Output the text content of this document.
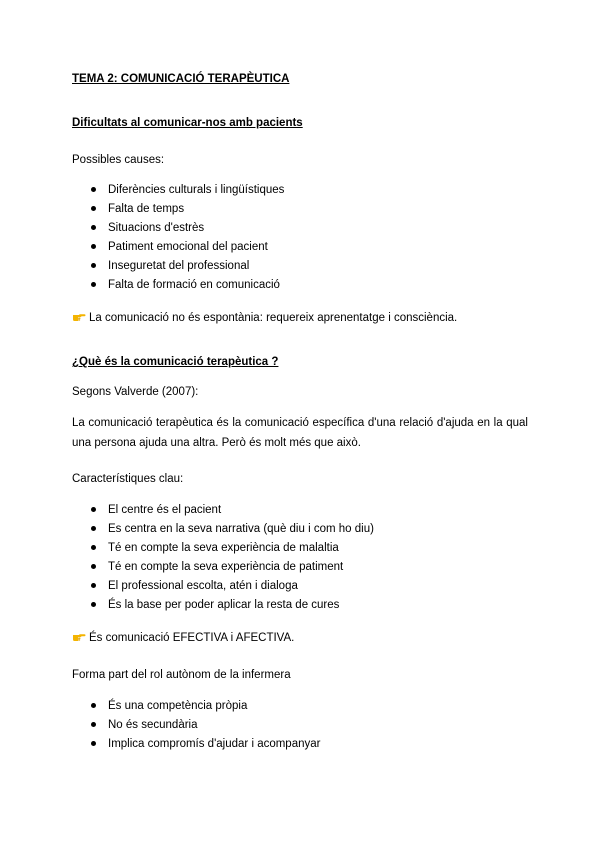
TEMA 2: COMUNICACIÓ TERAPÈUTICA
Dificultats al comunicar-nos amb pacients
Possibles causes:
Diferències culturals i lingüístiques
Falta de temps
Situacions d'estrès
Patiment emocional del pacient
Inseguretat del professional
Falta de formació en comunicació
La comunicació no és espontània: requereix aprenentatge i consciència.
¿Què és la comunicació terapèutica ?
Segons Valverde (2007):
La comunicació terapèutica és la comunicació específica d'una relació d'ajuda en la qual una persona ajuda una altra. Però és molt més que això.
Característiques clau:
El centre és el pacient
Es centra en la seva narrativa (què diu i com ho diu)
Té en compte la seva experiència de malaltia
Té en compte la seva experiència de patiment
El professional escolta, atén i dialoga
És la base per poder aplicar la resta de cures
És comunicació EFECTIVA i AFECTIVA.
Forma part del rol autònom de la infermera
És una competència pròpia
No és secundària
Implica compromís d'ajudar i acompanyar
